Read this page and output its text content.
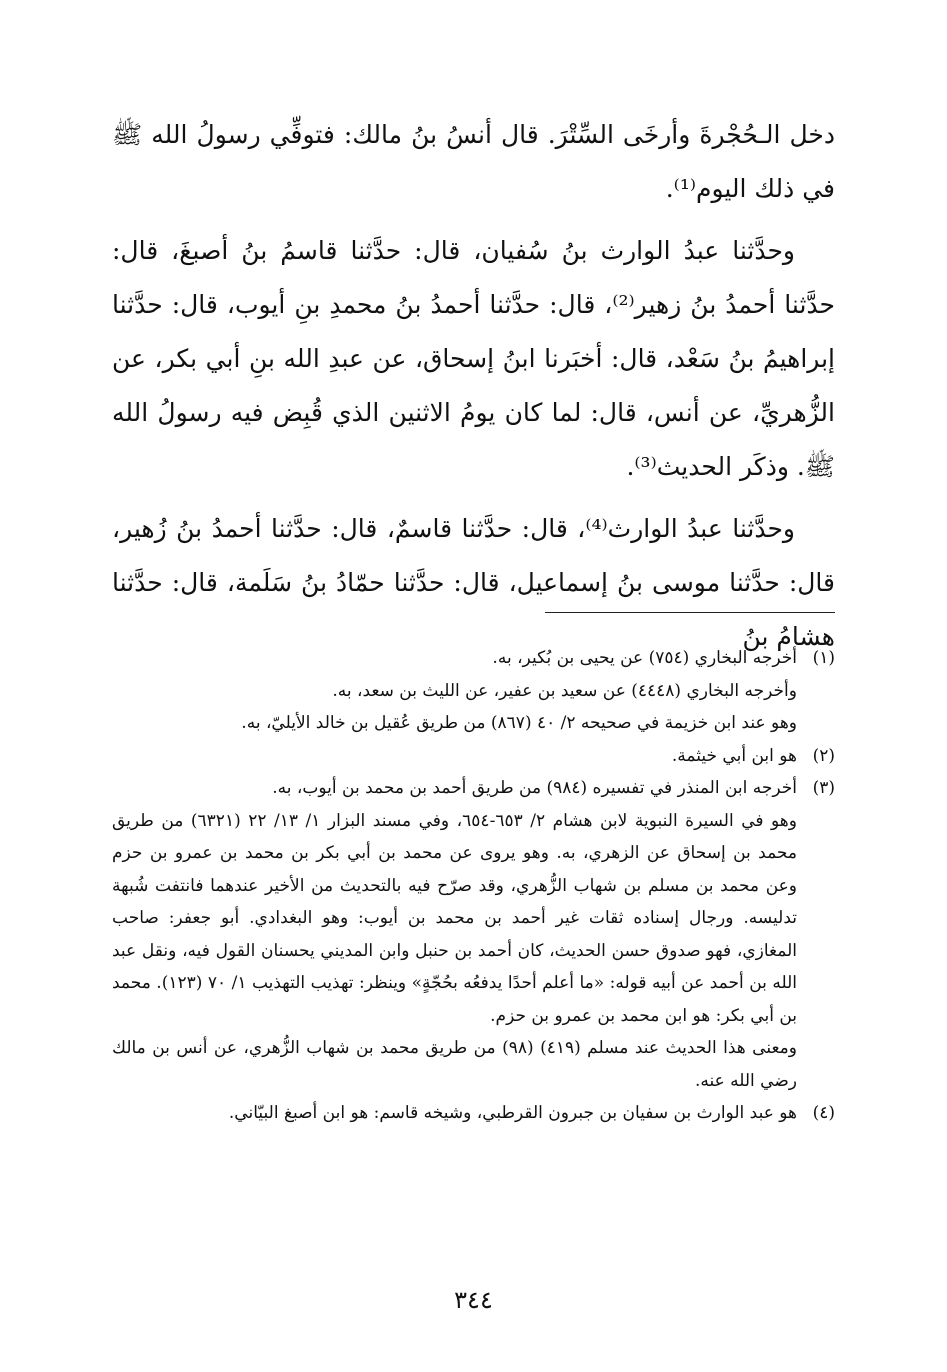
دخل الـحُجْرةَ وأرخَى السِّتْرَ. قال أنسُ بنُ مالك: فتوفِّي رسولُ الله ﷺ في ذلك اليوم⁽¹⁾.

وحدَّثنا عبدُ الوارث بنُ سُفيان، قال: حدَّثنا قاسمُ بنُ أصبغَ، قال: حدَّثنا أحمدُ بنُ زهير⁽²⁾، قال: حدَّثنا أحمدُ بنُ محمدِ بنِ أيوب، قال: حدَّثنا إبراهيمُ بنُ سَعْد، قال: أخبَرنا ابنُ إسحاق، عن عبدِ الله بنِ أبي بكر، عن الزُّهريِّ، عن أنس، قال: لما كان يومُ الاثنين الذي قُبِض فيه رسولُ الله ﷺ. وذكَر الحديث⁽³⁾.

وحدَّثنا عبدُ الوارث⁽⁴⁾، قال: حدَّثنا قاسمٌ، قال: حدَّثنا أحمدُ بنُ زُهير، قال: حدَّثنا موسى بنُ إسماعيل، قال: حدَّثنا حمّادُ بنُ سَلَمة، قال: حدَّثنا هشامُ بنُ

(١)أخرجه البخاري (٧٥٤) عن يحيى بن بُكير، به.

وأخرجه البخاري (٤٤٤٨) عن سعيد بن عفير، عن الليث بن سعد، به.

وهو عند ابن خزيمة في صحيحه ٢/ ٤٠ (٨٦٧) من طريق عُقيل بن خالد الأيليّ، به.

(٢)هو ابن أبي خيثمة.

(٣)أخرجه ابن المنذر في تفسيره (٩٨٤) من طريق أحمد بن محمد بن أيوب، به.

وهو في السيرة النبوية لابن هشام ٢/ ٦٥٣-٦٥٤، وفي مسند البزار ١/ ١٣/ ٢٢ (٦٣٢١) من طريق محمد بن إسحاق عن الزهري، به. وهو يروى عن محمد بن أبي بكر بن محمد بن عمرو بن حزم وعن محمد بن مسلم بن شهاب الزُّهري، وقد صرّح فيه بالتحديث من الأخير عندهما فانتفت شُبهة تدليسه. ورجال إسناده ثقات غير أحمد بن محمد بن أيوب: وهو البغدادي. أبو جعفر: صاحب المغازي، فهو صدوق حسن الحديث، كان أحمد بن حنبل وابن المديني يحسنان القول فيه، ونقل عبد الله بن أحمد عن أبيه قوله: «ما أعلم أحدًا يدفعُه بحُجّةٍ» وينظر: تهذيب التهذيب ١/ ٧٠ (١٢٣). محمد بن أبي بكر: هو ابن محمد بن عمرو بن حزم.

ومعنى هذا الحديث عند مسلم (٤١٩) (٩٨) من طريق محمد بن شهاب الزُّهري، عن أنس بن مالك رضي الله عنه.

(٤)هو عبد الوارث بن سفيان بن جبرون القرطبي، وشيخه قاسم: هو ابن أصبغ البيّاني.

٣٤٤
